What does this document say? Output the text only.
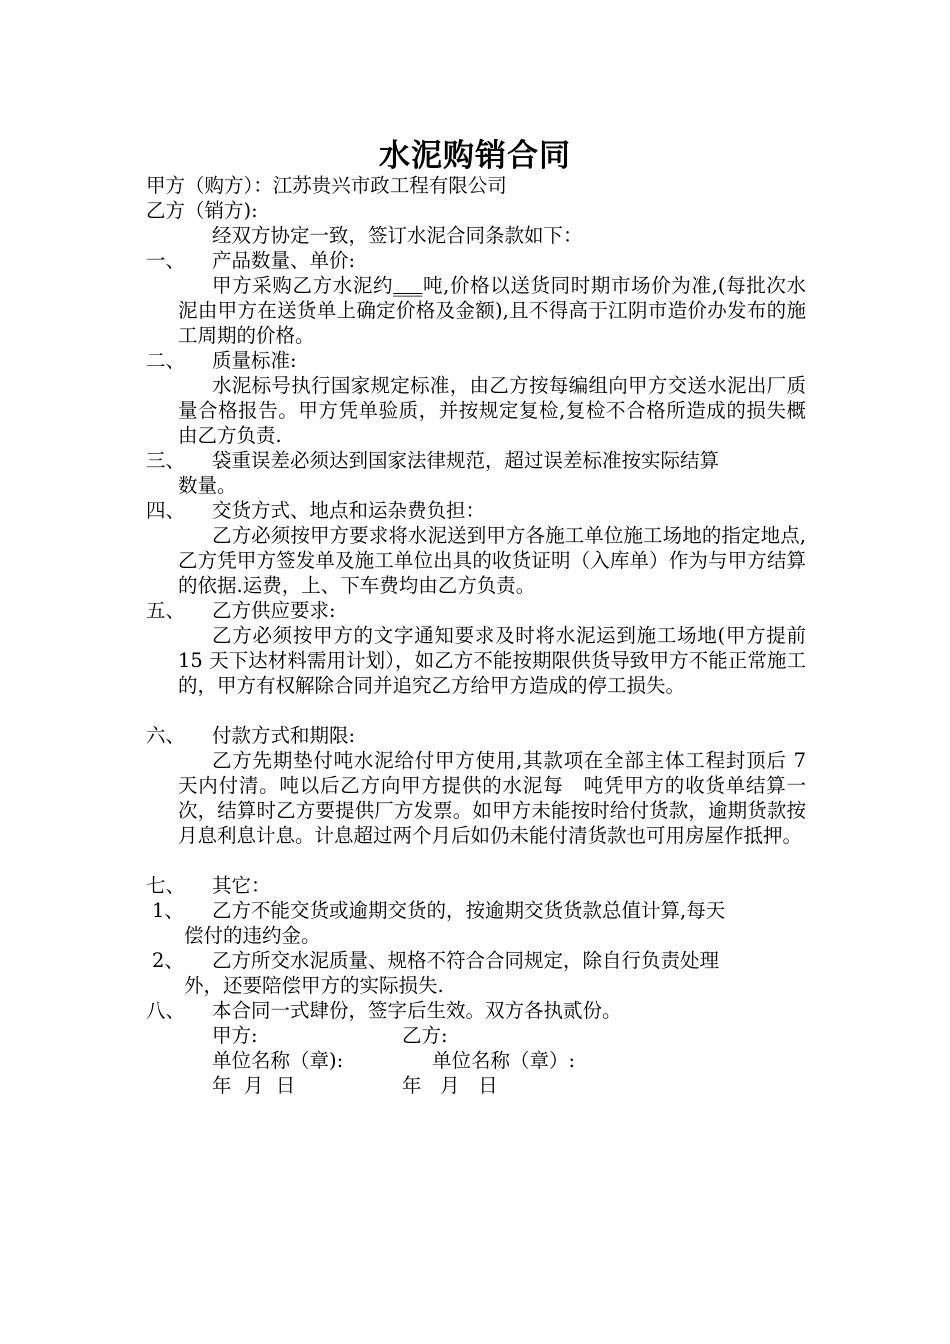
水泥购销合同
甲方（购方）：江苏贵兴市政工程有限公司
乙方（销方):
经双方协定一致，签订水泥合同条款如下：
一、 产品数量、单价:
甲方采购乙方水泥约___吨,价格以送货同时期市场价为准,(每批次水泥由甲方在送货单上确定价格及金额),且不得高于江阴市造价办发布的施工周期的价格。
二、 质量标准:
水泥标号执行国家规定标准，由乙方按每编组向甲方交送水泥出厂质量合格报告。甲方凭单验质，并按规定复检,复检不合格所造成的损失概由乙方负责.
三、 袋重误差必须达到国家法律规范，超过误差标准按实际结算
数量。
四、 交货方式、地点和运杂费负担：
乙方必须按甲方要求将水泥送到甲方各施工单位施工场地的指定地点,乙方凭甲方签发单及施工单位出具的收货证明（入库单）作为与甲方结算的依据.运费，上、下车费均由乙方负责。
五、 乙方供应要求:
乙方必须按甲方的文字通知要求及时将水泥运到施工场地(甲方提前 15 天下达材料需用计划），如乙方不能按期限供货导致甲方不能正常施工的，甲方有权解除合同并追究乙方给甲方造成的停工损失。
六、 付款方式和期限:
乙方先期垫付吨水泥给付甲方使用,其款项在全部主体工程封顶后 7 天内付清。吨以后乙方向甲方提供的水泥每　吨凭甲方的收货单结算一次，结算时乙方要提供厂方发票。如甲方未能按时给付货款，逾期货款按月息利息计息。计息超过两个月后如仍未能付清货款也可用房屋作抵押。
七、 其它：
1、 乙方不能交货或逾期交货的，按逾期交货货款总值计算,每天
偿付的违约金。
2、 乙方所交水泥质量、规格不符合合同规定，除自行负责处理
外，还要陪偿甲方的实际损失.
八、 本合同一式肆份，签字后生效。双方各执贰份。
甲方:	乙方:
单位名称（章):	单位名称（章）:
年  月  日	年   月   日
